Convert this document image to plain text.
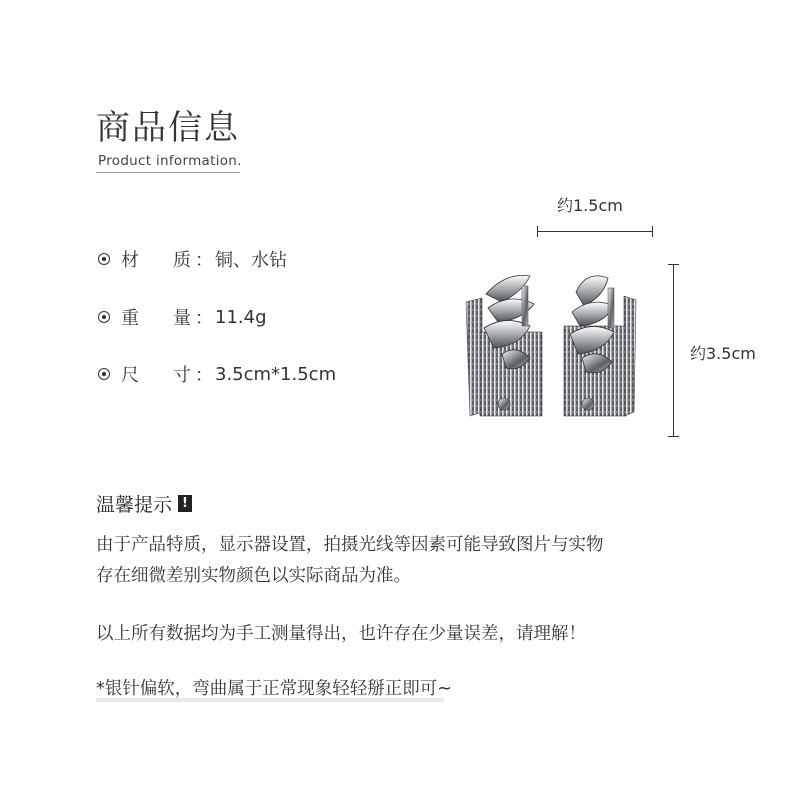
商品信息
Product information.
材	质 ： 铜、水钻
重	量 ： 11.4g
尺	寸 ： 3.5cm*1.5cm
约1.5cm
约3.5cm
温馨提示 !
由于产品特质，显示器设置，拍摄光线等因素可能导致图片与实物
存在细微差别实物颜色以实际商品为准。
以上所有数据均为手工测量得出，也许存在少量误差，请理解！
*银针偏软，弯曲属于正常现象轻轻掰正即可~
